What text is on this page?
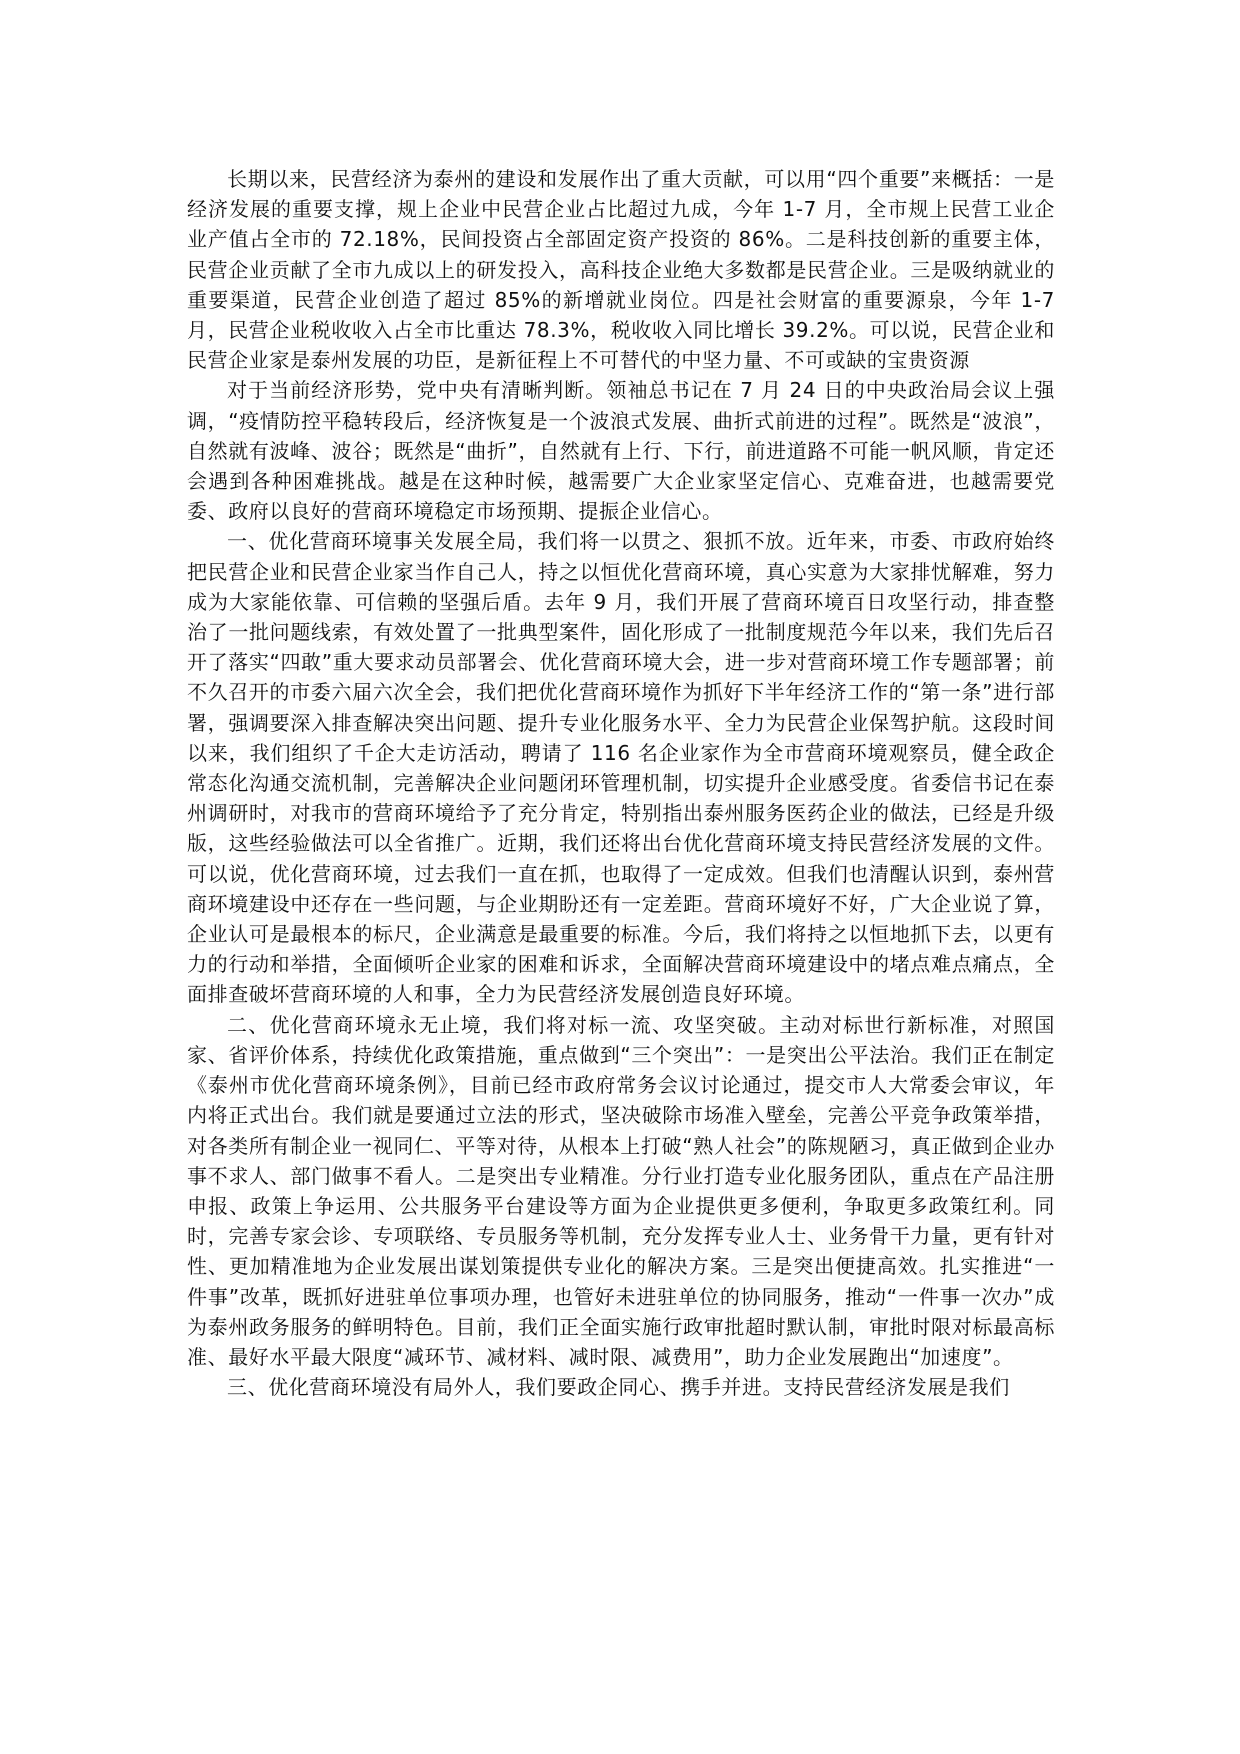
长期以来，民营经济为泰州的建设和发展作出了重大贡献，可以用“四个重要”来概括：一是经济发展的重要支撑，规上企业中民营企业占比超过九成，今年 1-7 月，全市规上民营工业企业产值占全市的 72.18%，民间投资占全部固定资产投资的 86%。二是科技创新的重要主体，民营企业贡献了全市九成以上的研发投入，高科技企业绝大多数都是民营企业。三是吸纳就业的重要渠道，民营企业创造了超过 85%的新增就业岗位。四是社会财富的重要源泉，今年 1-7 月，民营企业税收收入占全市比重达 78.3%，税收收入同比增长 39.2%。可以说，民营企业和民营企业家是泰州发展的功臣，是新征程上不可替代的中坚力量、不可或缺的宝贵资源

对于当前经济形势，党中央有清晰判断。领袖总书记在 7 月 24 日的中央政治局会议上强调，“疫情防控平稳转段后，经济恢复是一个波浪式发展、曲折式前进的过程”。既然是“波浪”，自然就有波峰、波谷；既然是“曲折”，自然就有上行、下行，前进道路不可能一帆风顺，肯定还会遇到各种困难挑战。越是在这种时候，越需要广大企业家坚定信心、克难奋进，也越需要党委、政府以良好的营商环境稳定市场预期、提振企业信心。

一、优化营商环境事关发展全局，我们将一以贯之、狠抓不放。近年来，市委、市政府始终把民营企业和民营企业家当作自己人，持之以恒优化营商环境，真心实意为大家排忧解难，努力成为大家能依靠、可信赖的坚强后盾。去年 9 月，我们开展了营商环境百日攻坚行动，排查整治了一批问题线索，有效处置了一批典型案件，固化形成了一批制度规范今年以来，我们先后召开了落实“四敢”重大要求动员部署会、优化营商环境大会，进一步对营商环境工作专题部署；前不久召开的市委六届六次全会，我们把优化营商环境作为抓好下半年经济工作的“第一条”进行部署，强调要深入排查解决突出问题、提升专业化服务水平、全力为民营企业保驾护航。这段时间以来，我们组织了千企大走访活动，聘请了 116 名企业家作为全市营商环境观察员，健全政企常态化沟通交流机制，完善解决企业问题闭环管理机制，切实提升企业感受度。省委信书记在泰州调研时，对我市的营商环境给予了充分肯定，特别指出泰州服务医药企业的做法，已经是升级版，这些经验做法可以全省推广。近期，我们还将出台优化营商环境支持民营经济发展的文件。可以说，优化营商环境，过去我们一直在抓，也取得了一定成效。但我们也清醒认识到，泰州营商环境建设中还存在一些问题，与企业期盼还有一定差距。营商环境好不好，广大企业说了算，企业认可是最根本的标尺，企业满意是最重要的标准。今后，我们将持之以恒地抓下去，以更有力的行动和举措，全面倾听企业家的困难和诉求，全面解决营商环境建设中的堵点难点痛点，全面排查破坏营商环境的人和事，全力为民营经济发展创造良好环境。

二、优化营商环境永无止境，我们将对标一流、攻坚突破。主动对标世行新标准，对照国家、省评价体系，持续优化政策措施，重点做到“三个突出”：一是突出公平法治。我们正在制定《泰州市优化营商环境条例》，目前已经市政府常务会议讨论通过，提交市人大常委会审议，年内将正式出台。我们就是要通过立法的形式，坚决破除市场准入壁垒，完善公平竞争政策举措，对各类所有制企业一视同仁、平等对待，从根本上打破“熟人社会”的陈规陋习，真正做到企业办事不求人、部门做事不看人。二是突出专业精准。分行业打造专业化服务团队，重点在产品注册申报、政策上争运用、公共服务平台建设等方面为企业提供更多便利，争取更多政策红利。同时，完善专家会诊、专项联络、专员服务等机制，充分发挥专业人士、业务骨干力量，更有针对性、更加精准地为企业发展出谋划策提供专业化的解决方案。三是突出便捷高效。扎实推进“一件事”改革，既抓好进驻单位事项办理，也管好未进驻单位的协同服务，推动“一件事一次办”成为泰州政务服务的鲜明特色。目前，我们正全面实施行政审批超时默认制，审批时限对标最高标准、最好水平最大限度“减环节、减材料、减时限、减费用”，助力企业发展跑出“加速度”。

三、优化营商环境没有局外人，我们要政企同心、携手并进。支持民营经济发展是我们
